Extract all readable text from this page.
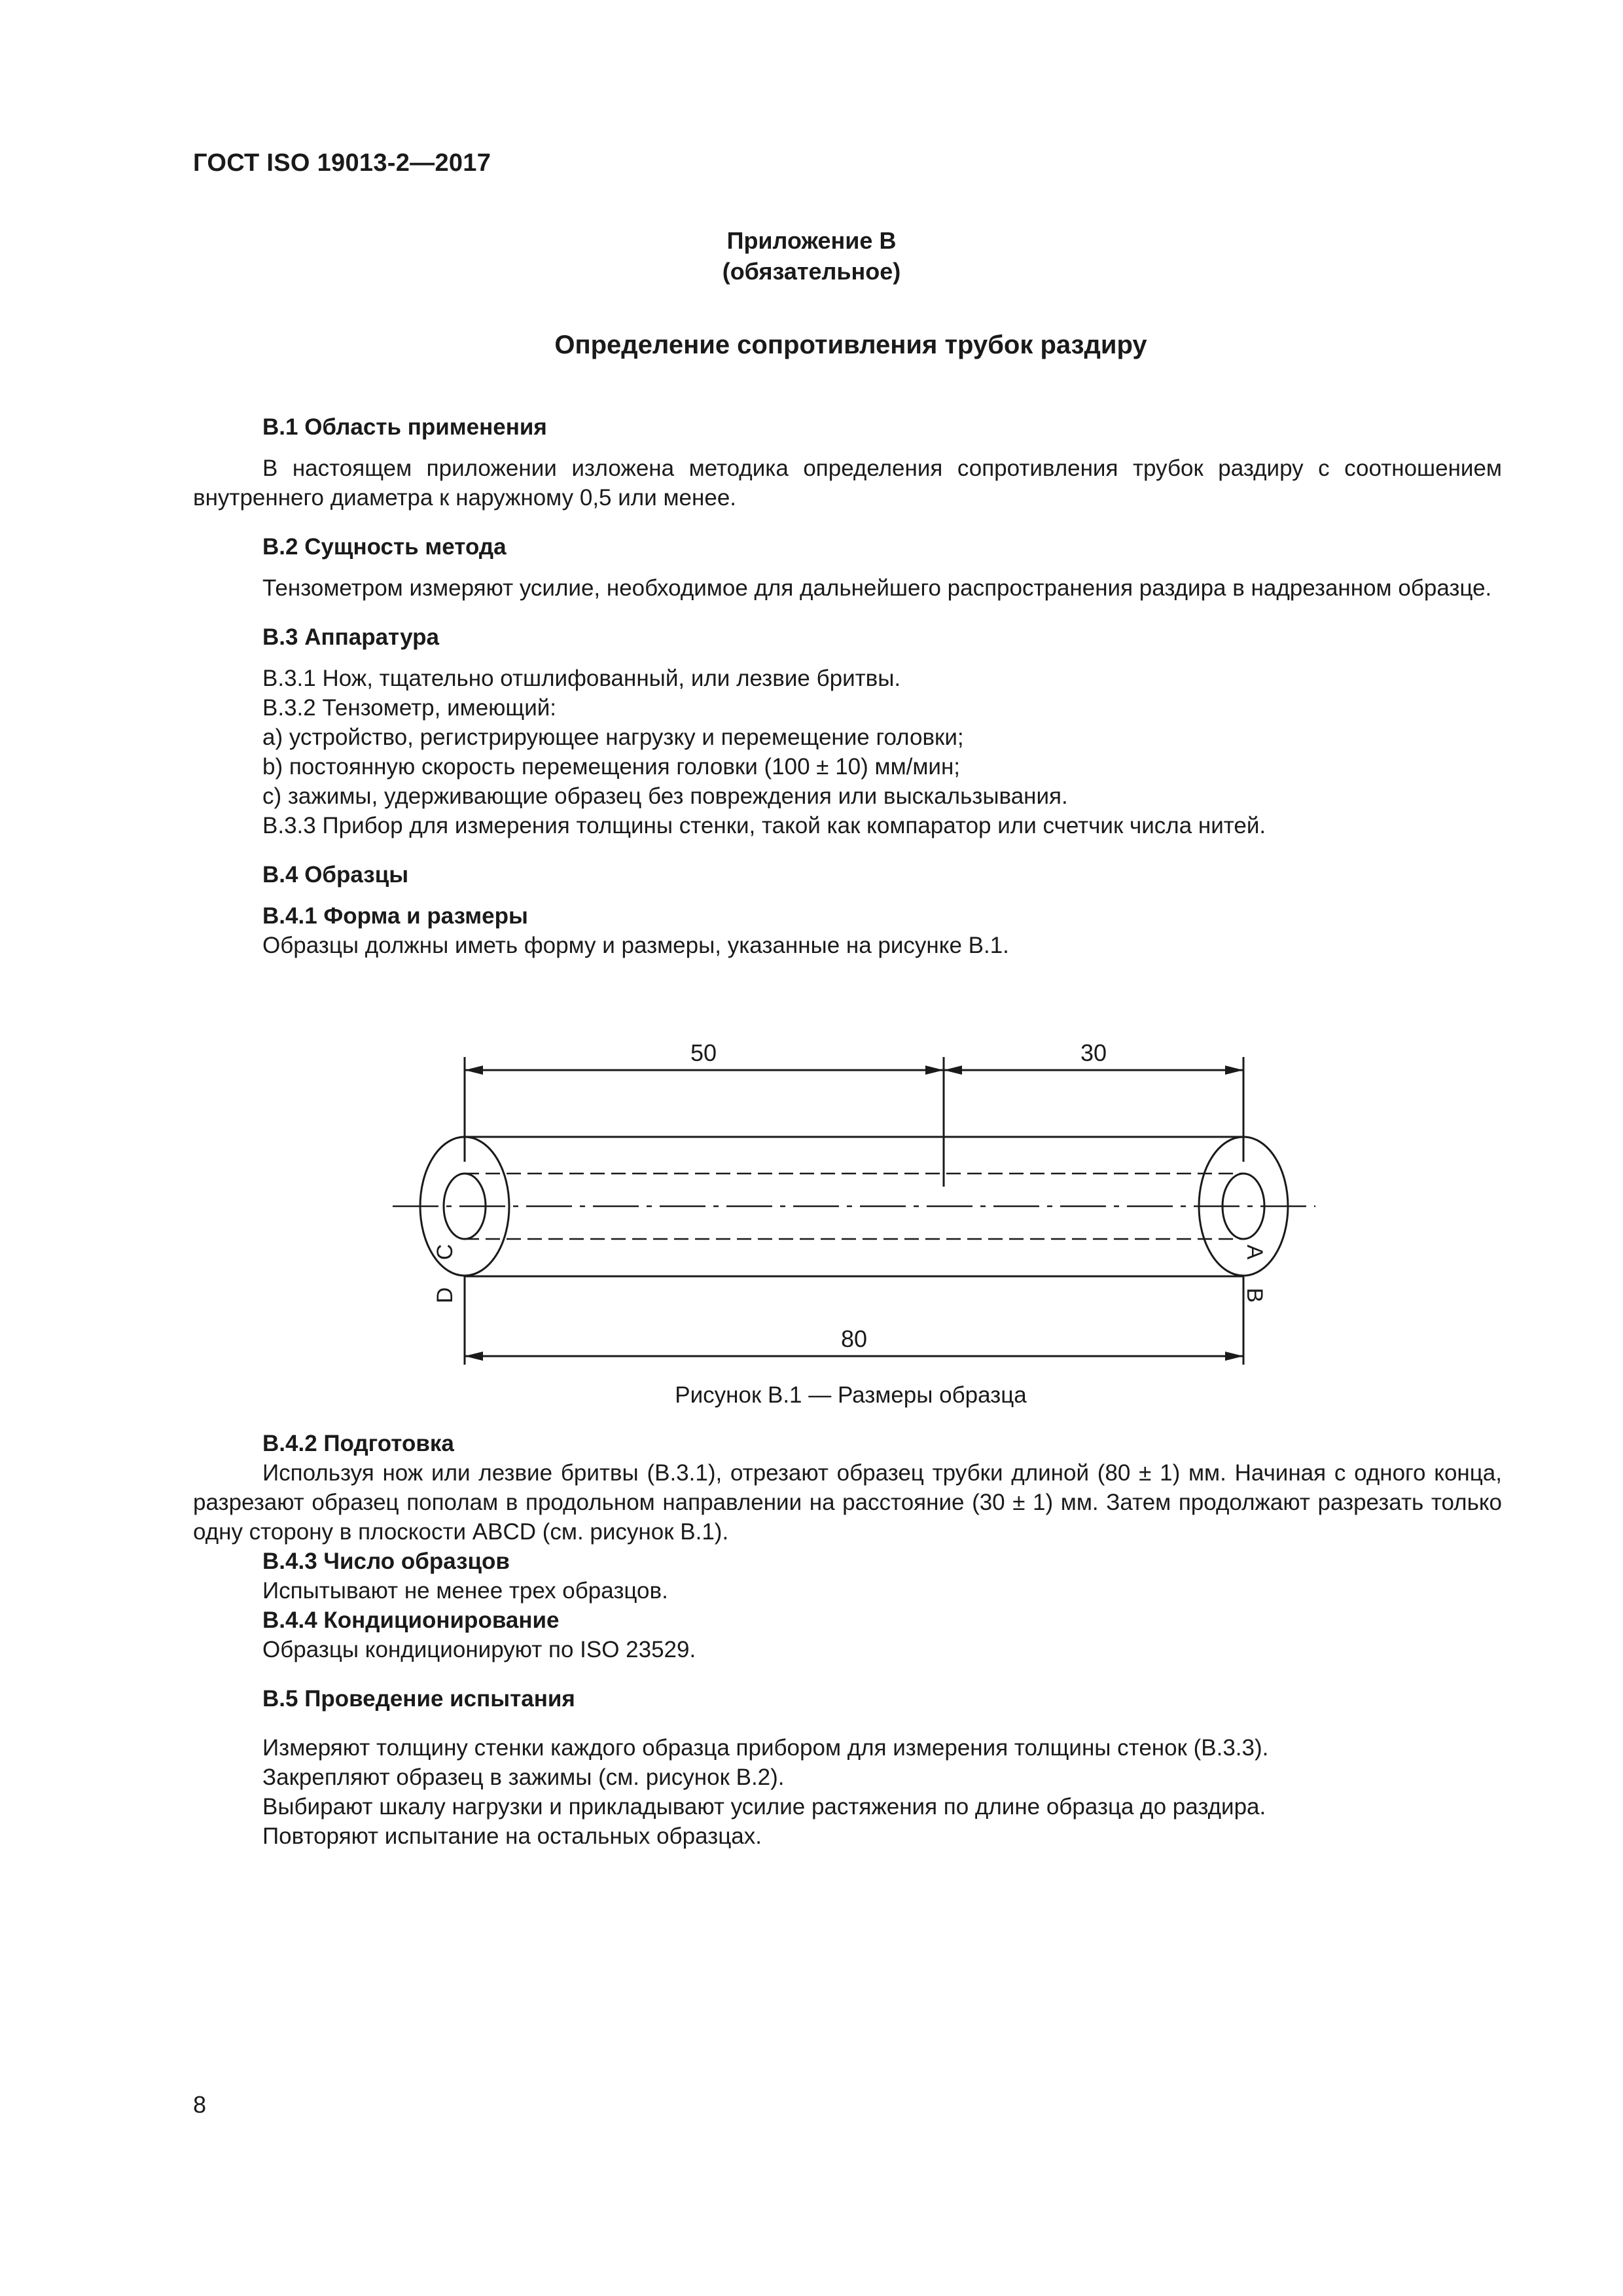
ГОСТ ISO 19013-2—2017
Приложение В
(обязательное)
Определение сопротивления трубок раздиру
В.1 Область применения
В настоящем приложении изложена методика определения сопротивления трубок раздиру с соотношением внутреннего диаметра к наружному 0,5 или менее.
В.2 Сущность метода
Тензометром измеряют усилие, необходимое для дальнейшего распространения раздира в надрезанном образце.
В.3 Аппаратура
В.3.1 Нож, тщательно отшлифованный, или лезвие бритвы.
В.3.2 Тензометр, имеющий:
a) устройство, регистрирующее нагрузку и перемещение головки;
b) постоянную скорость перемещения головки (100 ± 10) мм/мин;
c) зажимы, удерживающие образец без повреждения или выскальзывания.
В.3.3 Прибор для измерения толщины стенки, такой как компаратор или счетчик числа нитей.
В.4 Образцы
В.4.1 Форма и размеры
Образцы должны иметь форму и размеры, указанные на рисунке В.1.
50	30
80
C
D
A
B
Рисунок В.1 — Размеры образца
В.4.2 Подготовка
Используя нож или лезвие бритвы (В.3.1), отрезают образец трубки длиной (80 ± 1) мм. Начиная с одного конца, разрезают образец пополам в продольном направлении на расстояние (30 ± 1) мм. Затем продолжают разрезать только одну сторону в плоскости ABCD (см. рисунок В.1).
В.4.3 Число образцов
Испытывают не менее трех образцов.
В.4.4 Кондиционирование
Образцы кондиционируют по ISO 23529.
В.5 Проведение испытания
Измеряют толщину стенки каждого образца прибором для измерения толщины стенок (В.3.3).
Закрепляют образец в зажимы (см. рисунок В.2).
Выбирают шкалу нагрузки и прикладывают усилие растяжения по длине образца до раздира.
Повторяют испытание на остальных образцах.
8
